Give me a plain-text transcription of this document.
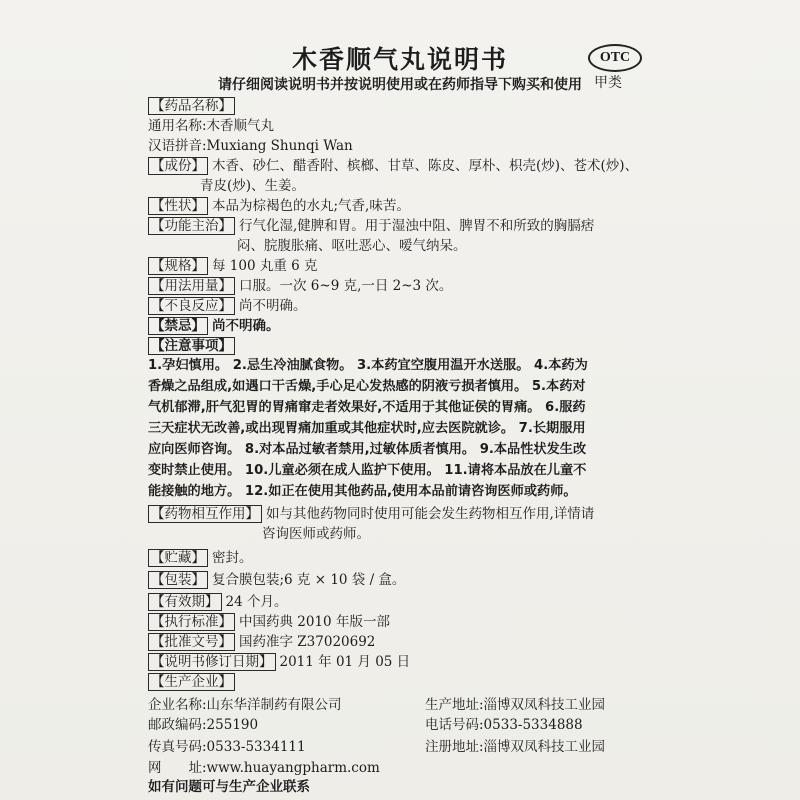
木香顺气丸说明书	OTC
甲类
请仔细阅读说明书并按说明使用或在药师指导下购买和使用
【药品名称】
通用名称:木香顺气丸
汉语拼音:Muxiang Shunqi Wan
【成份】 木香、砂仁、醋香附、槟榔、甘草、陈皮、厚朴、枳壳(炒)、苍术(炒)、
青皮(炒)、生姜。
【性状】 本品为棕褐色的水丸;气香,味苦。
【功能主治】 行气化湿,健脾和胃。用于湿浊中阻、脾胃不和所致的胸膈痞
闷、脘腹胀痛、呕吐恶心、嗳气纳呆。
【规格】 每 100 丸重 6 克
【用法用量】 口服。一次 6~9 克,一日 2~3 次。
【不良反应】 尚不明确。
【禁忌】 尚不明确。
【注意事项】
1.孕妇慎用。 2.忌生冷油腻食物。 3.本药宜空腹用温开水送服。 4.本药为
香燥之品组成,如遇口干舌燥,手心足心发热感的阴液亏损者慎用。 5.本药对
气机郁滞,肝气犯胃的胃痛窜走者效果好,不适用于其他证侯的胃痛。 6.服药
三天症状无改善,或出现胃痛加重或其他症状时,应去医院就诊。 7.长期服用
应向医师咨询。 8.对本品过敏者禁用,过敏体质者慎用。 9.本品性状发生改
变时禁止使用。 10.儿童必须在成人监护下使用。 11.请将本品放在儿童不
能接触的地方。 12.如正在使用其他药品,使用本品前请咨询医师或药师。
【药物相互作用】 如与其他药物同时使用可能会发生药物相互作用,详情请
咨询医师或药师。
【贮藏】 密封。
【包装】 复合膜包装;6 克 × 10 袋 / 盒。
【有效期】 24 个月。
【执行标准】 中国药典 2010 年版一部
【批准文号】 国药准字 Z37020692
【说明书修订日期】 2011 年 01 月 05 日
【生产企业】
企业名称:山东华洋制药有限公司
邮政编码:255190
传真号码:0533-5334111
网　　址:www.huayangpharm.com
生产地址:淄博双凤科技工业园
电话号码:0533-5334888
注册地址:淄博双凤科技工业园
如有问题可与生产企业联系
